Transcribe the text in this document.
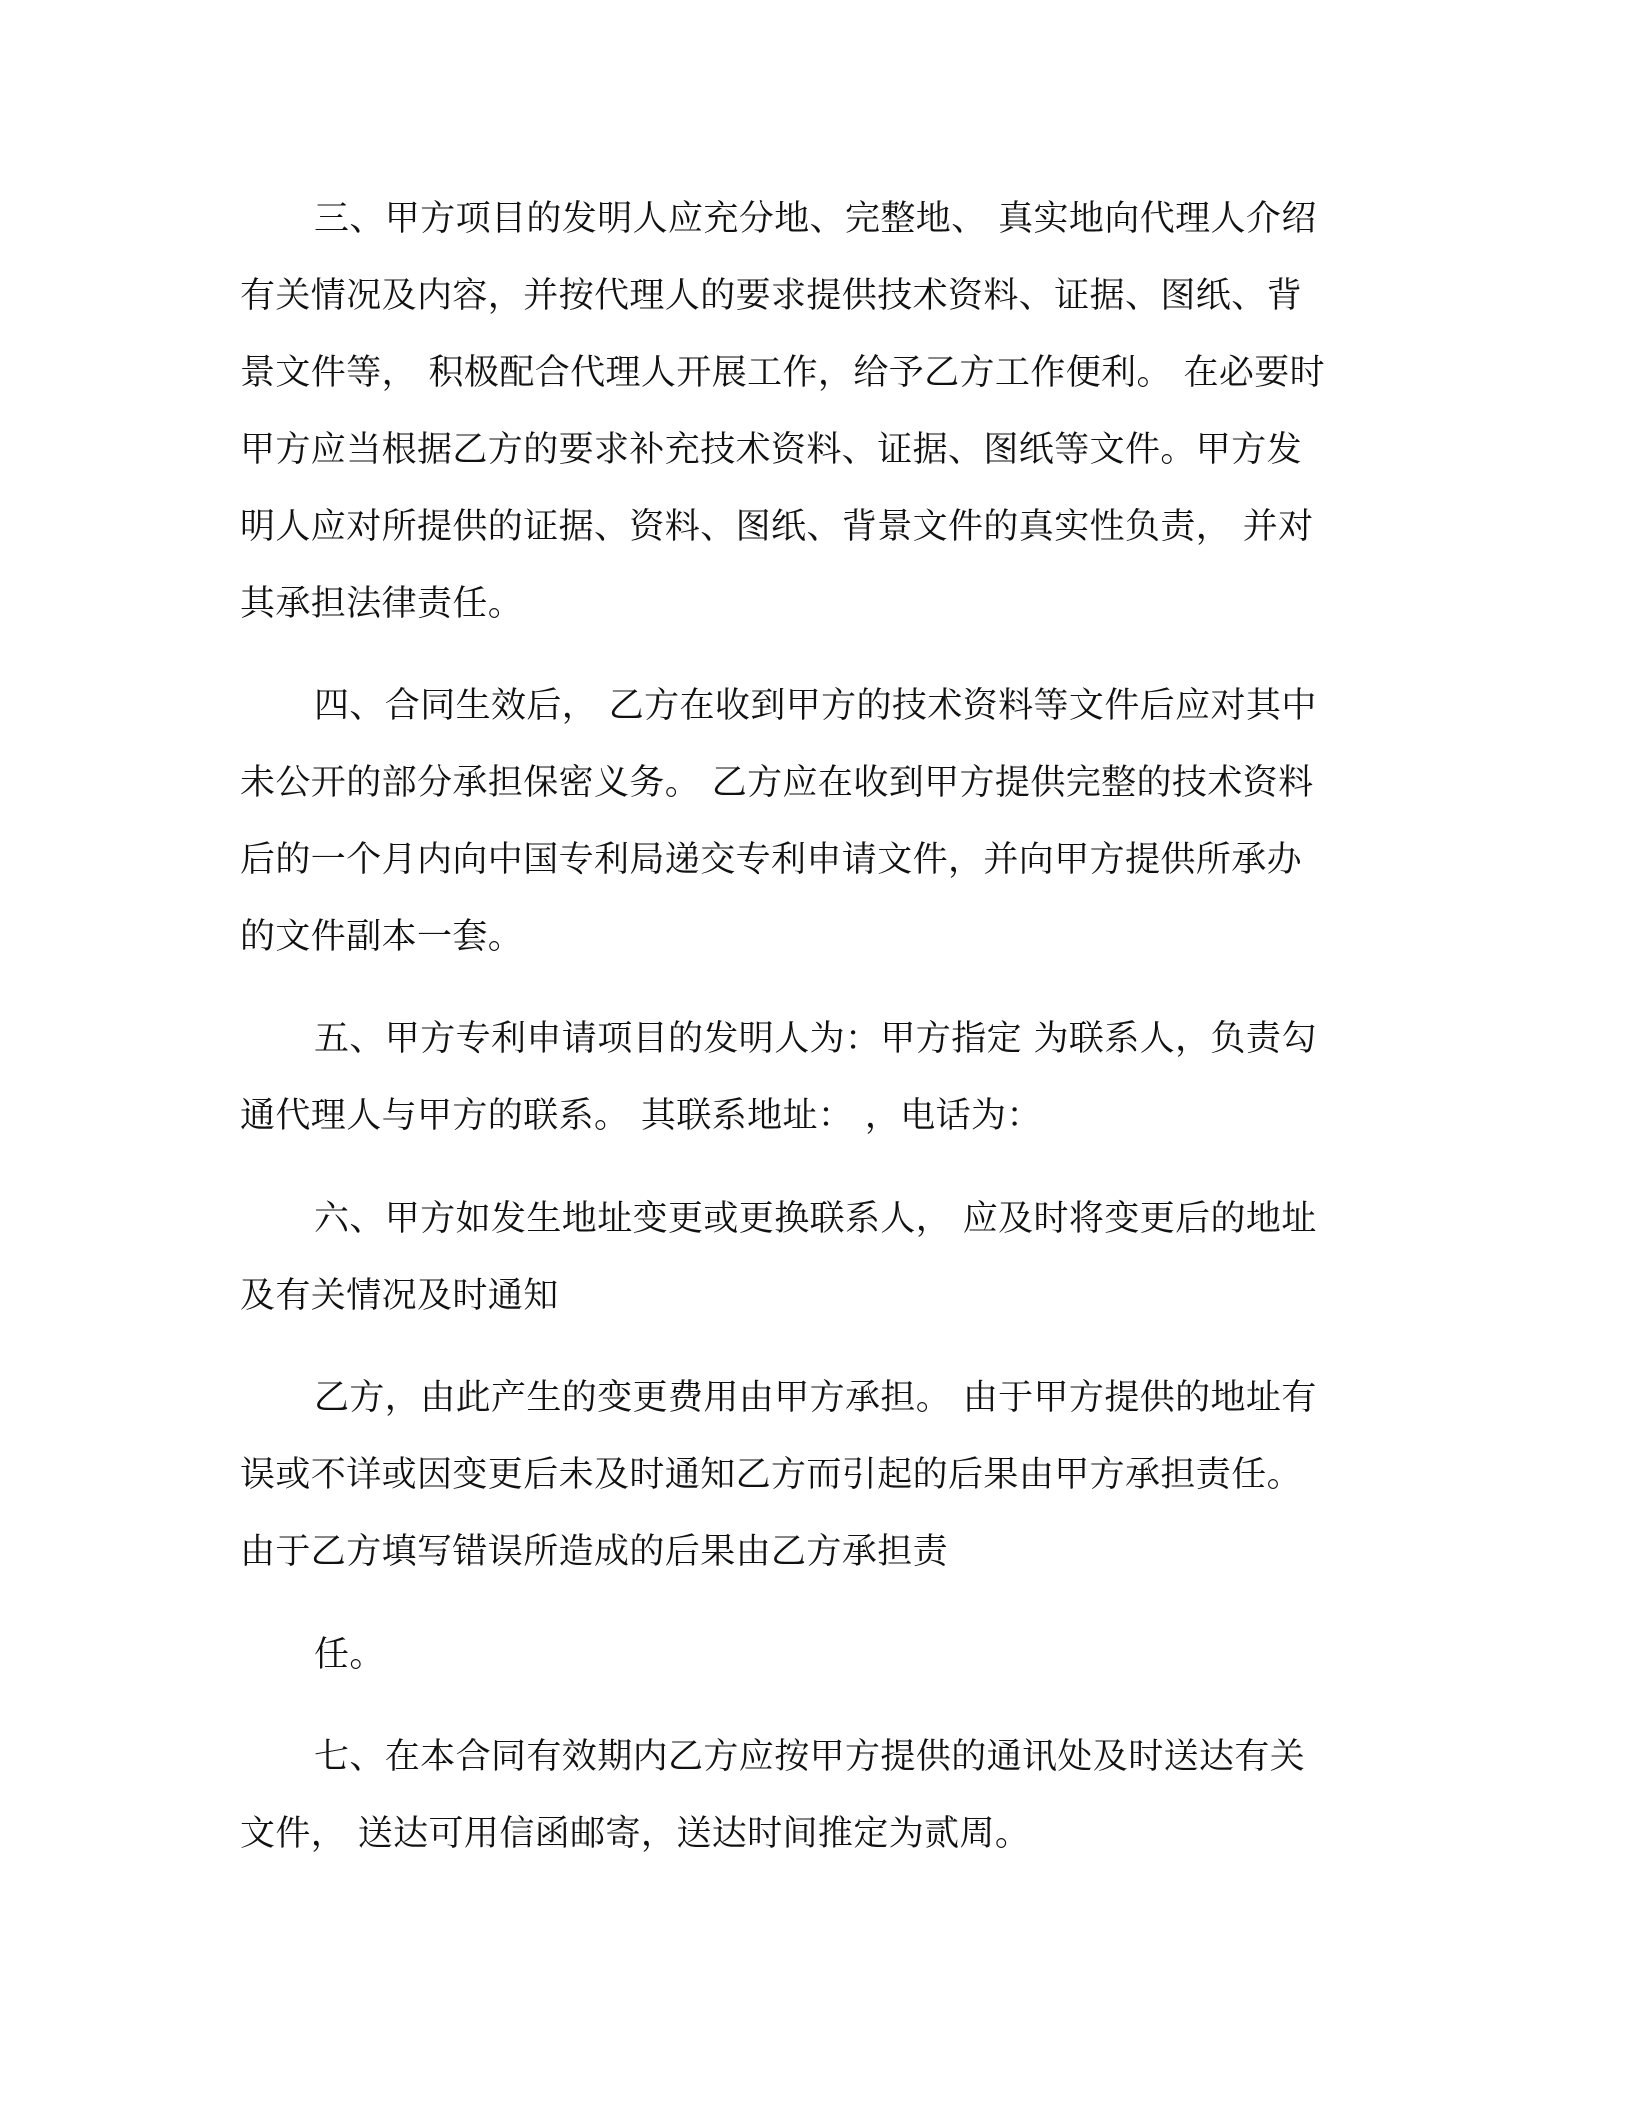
三、甲方项目的发明人应充分地、完整地、 真实地向代理人介绍

有关情况及内容，并按代理人的要求提供技术资料、证据、图纸、背

景文件等， 积极配合代理人开展工作，给予乙方工作便利。 在必要时

甲方应当根据乙方的要求补充技术资料、证据、图纸等文件。甲方发

明人应对所提供的证据、资料、图纸、背景文件的真实性负责， 并对

其承担法律责任。

四、合同生效后， 乙方在收到甲方的技术资料等文件后应对其中

未公开的部分承担保密义务。 乙方应在收到甲方提供完整的技术资料

后的一个月内向中国专利局递交专利申请文件，并向甲方提供所承办

的文件副本一套。

五、甲方专利申请项目的发明人为：甲方指定 为联系人，负责勾

通代理人与甲方的联系。 其联系地址： ，电话为：

六、甲方如发生地址变更或更换联系人， 应及时将变更后的地址

及有关情况及时通知

乙方，由此产生的变更费用由甲方承担。 由于甲方提供的地址有

误或不详或因变更后未及时通知乙方而引起的后果由甲方承担责任。

由于乙方填写错误所造成的后果由乙方承担责

任。

七、在本合同有效期内乙方应按甲方提供的通讯处及时送达有关

文件， 送达可用信函邮寄，送达时间推定为贰周。
